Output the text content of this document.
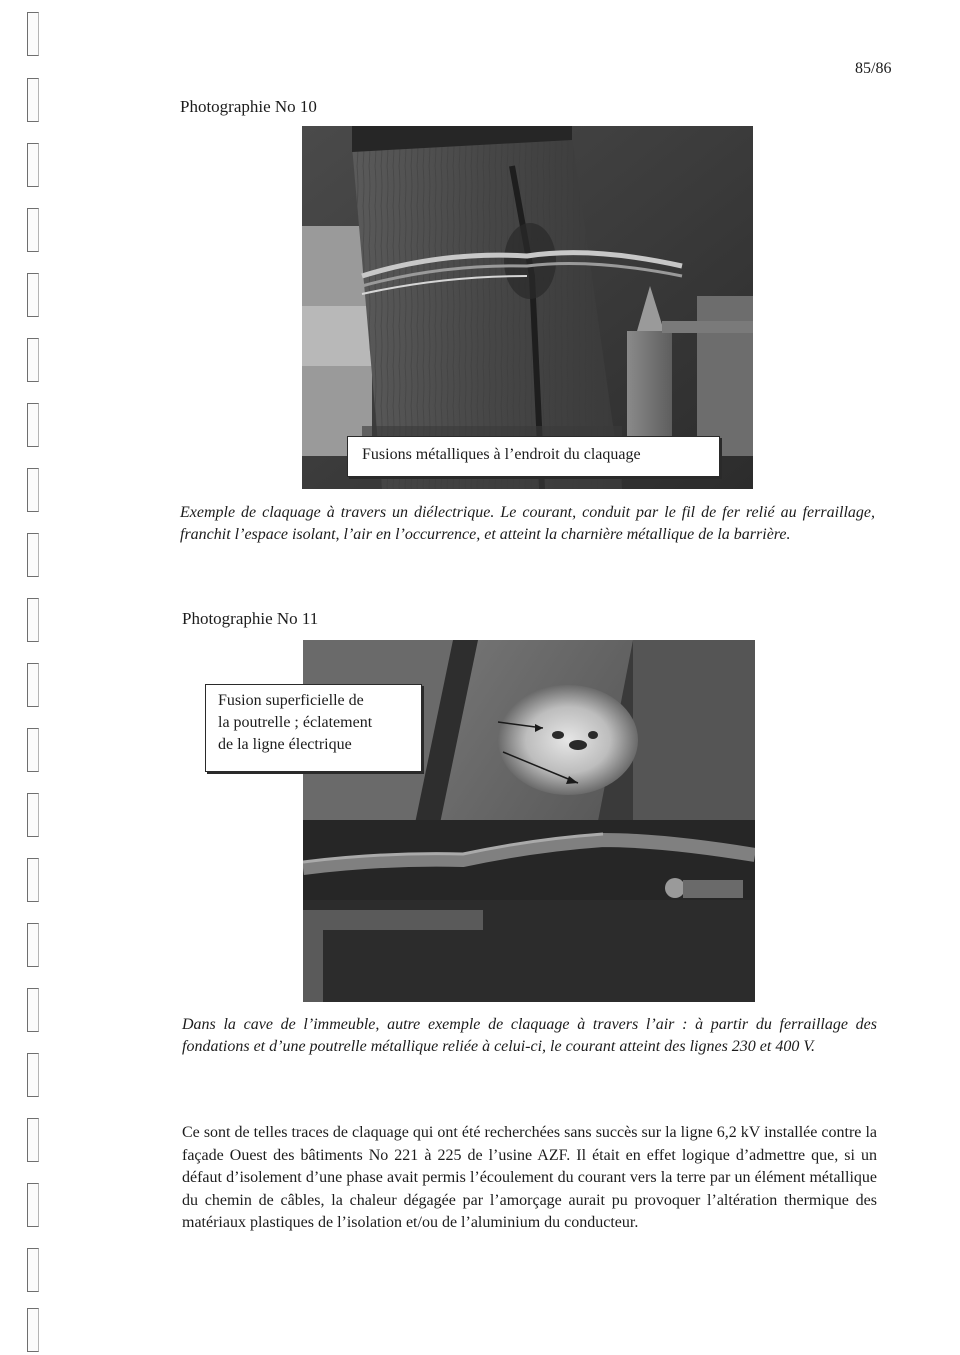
85/86
Photographie No 10
Fusions métalliques à l’endroit du claquage
Exemple de claquage à travers un diélectrique. Le courant, conduit par le fil de fer relié au ferraillage, franchit l’espace isolant, l’air en l’occurrence, et atteint la charnière métallique de la barrière.
Photographie No 11
Fusion superficielle de
la poutrelle ; éclatement
de la ligne électrique
Dans la cave de l’immeuble, autre exemple de claquage à travers l’air : à partir du ferraillage des fondations et d’une poutrelle métallique reliée à celui-ci, le courant atteint des lignes 230 et 400 V.
Ce sont de telles traces de claquage qui ont été recherchées sans succès sur la ligne 6,2 kV installée contre la façade Ouest des bâtiments No 221 à 225 de l’usine AZF. Il était en effet logique d’admettre que, si un défaut d’isolement d’une phase avait permis l’écoulement du courant vers la terre par un élément métallique du chemin de câbles, la chaleur dégagée par l’amorçage aurait pu provoquer l’altération thermique des matériaux plastiques de l’isolation et/ou de l’aluminium du conducteur.
